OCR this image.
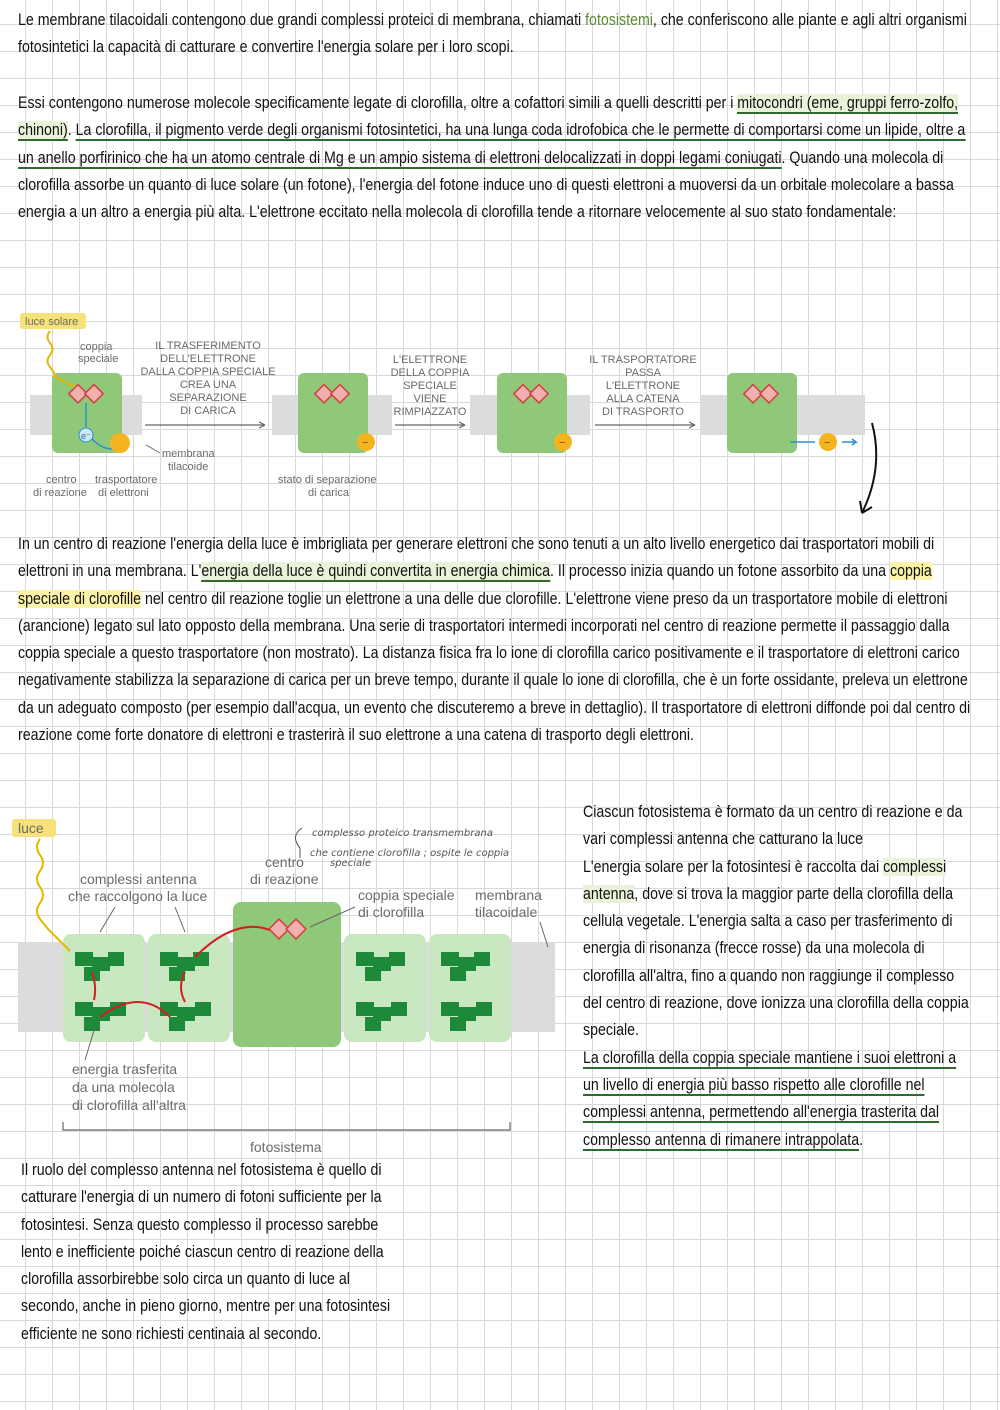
Le membrane tilacoidali contengono due grandi complessi proteici di membrana, chiamati fotosistemi, che conferiscono alle piante e agli altri organismi fotosintetici la capacità di catturare e convertire l'energia solare per i loro scopi.

Essi contengono numerose molecole specificamente legate di clorofilla, oltre a cofattori simili a quelli descritti per i mitocondri (eme, gruppi ferro-zolfo, chinoni). La clorofilla, il pigmento verde degli organismi fotosintetici, ha una lunga coda idrofobica che le permette di comportarsi come un lipide, oltre a un anello porfirinico che ha un atomo centrale di Mg e un ampio sistema di elettroni delocalizzati in doppi legami coniugati. Quando una molecola di clorofilla assorbe un quanto di luce solare (un fotone), l'energia del fotone induce uno di questi elettroni a muoversi da un orbitale molecolare a bassa energia a un altro a energia più alta. L'elettrone eccitato nella molecola di clorofilla tende a ritornare velocemente al suo stato fondamentale:

luce solare
coppia
speciale
e⁻
−	−	−
IL TRASFERIMENTO
DELL'ELETTRONE
DALLA COPPIA SPECIALE
CREA UNA
SEPARAZIONE
DI CARICA
L'ELETTRONE
DELLA COPPIA
SPECIALE
VIENE
RIMPIAZZATO
IL TRASPORTATORE
PASSA
L'ELETTRONE
ALLA CATENA
DI TRASPORTO
membrana
tilacoide
centro
di reazione
trasportatore
di elettroni
stato di separazione
di carica

In un centro di reazione l'energia della luce è imbrigliata per generare elettroni che sono tenuti a un alto livello energetico dai trasportatori mobili di elettroni in una membrana. L'energia della luce è quindi convertita in energia chimica. Il processo inizia quando un fotone assorbito da una coppia speciale di clorofille nel centro dil reazione toglie un elettrone a una delle due clorofille. L'elettrone viene preso da un trasportatore mobile di elettroni (arancione) legato sul lato opposto della membrana. Una serie di trasportatori intermedi incorporati nel centro di reazione permette il passaggio dalla coppia speciale a questo trasportatore (non mostrato). La distanza fisica fra lo ione di clorofilla carico positivamente e il trasportatore di elettroni carico negativamente stabilizza la separazione di carica per un breve tempo, durante il quale lo ione di clorofilla, che è un forte ossidante, preleva un elettrone da un adeguato composto (per esempio dall'acqua, un evento che discuteremo a breve in dettaglio). Il trasportatore di elettroni diffonde poi dal centro di reazione come forte donatore di elettroni e trasterirà il suo elettrone a una catena di trasporto degli elettroni.

luce
complessi antenna
che raccolgono la luce
centro
di reazione
coppia speciale
di clorofilla
membrana
tilacoidale
energia trasferita
da una molecola
di clorofilla all'altra
fotosistema
complesso proteico transmembrana
che contiene clorofilla ; ospite le coppia
speciale

Ciascun fotosistema è formato da un centro di reazione e da vari complessi antenna che catturano la luce
L'energia solare per la fotosintesi è raccolta dai complessi antenna, dove si trova la maggior parte della clorofilla della cellula vegetale. L'energia salta a caso per trasferimento di energia di risonanza (frecce rosse) da una molecola di clorofilla all'altra, fino a quando non raggiunge il complesso del centro di reazione, dove ionizza una clorofilla della coppia speciale.
La clorofilla della coppia speciale mantiene i suoi elettroni a un livello di energia più basso rispetto alle clorofille nel complessi antenna, permettendo all'energia trasterita dal complesso antenna di rimanere intrappolata.

Il ruolo del complesso antenna nel fotosistema è quello di catturare l'energia di un numero di fotoni sufficiente per la fotosintesi. Senza questo complesso il processo sarebbe lento e inefficiente poiché ciascun centro di reazione della clorofilla assorbirebbe solo circa un quanto di luce al secondo, anche in pieno giorno, mentre per una fotosintesi efficiente ne sono richiesti centinaia al secondo.
